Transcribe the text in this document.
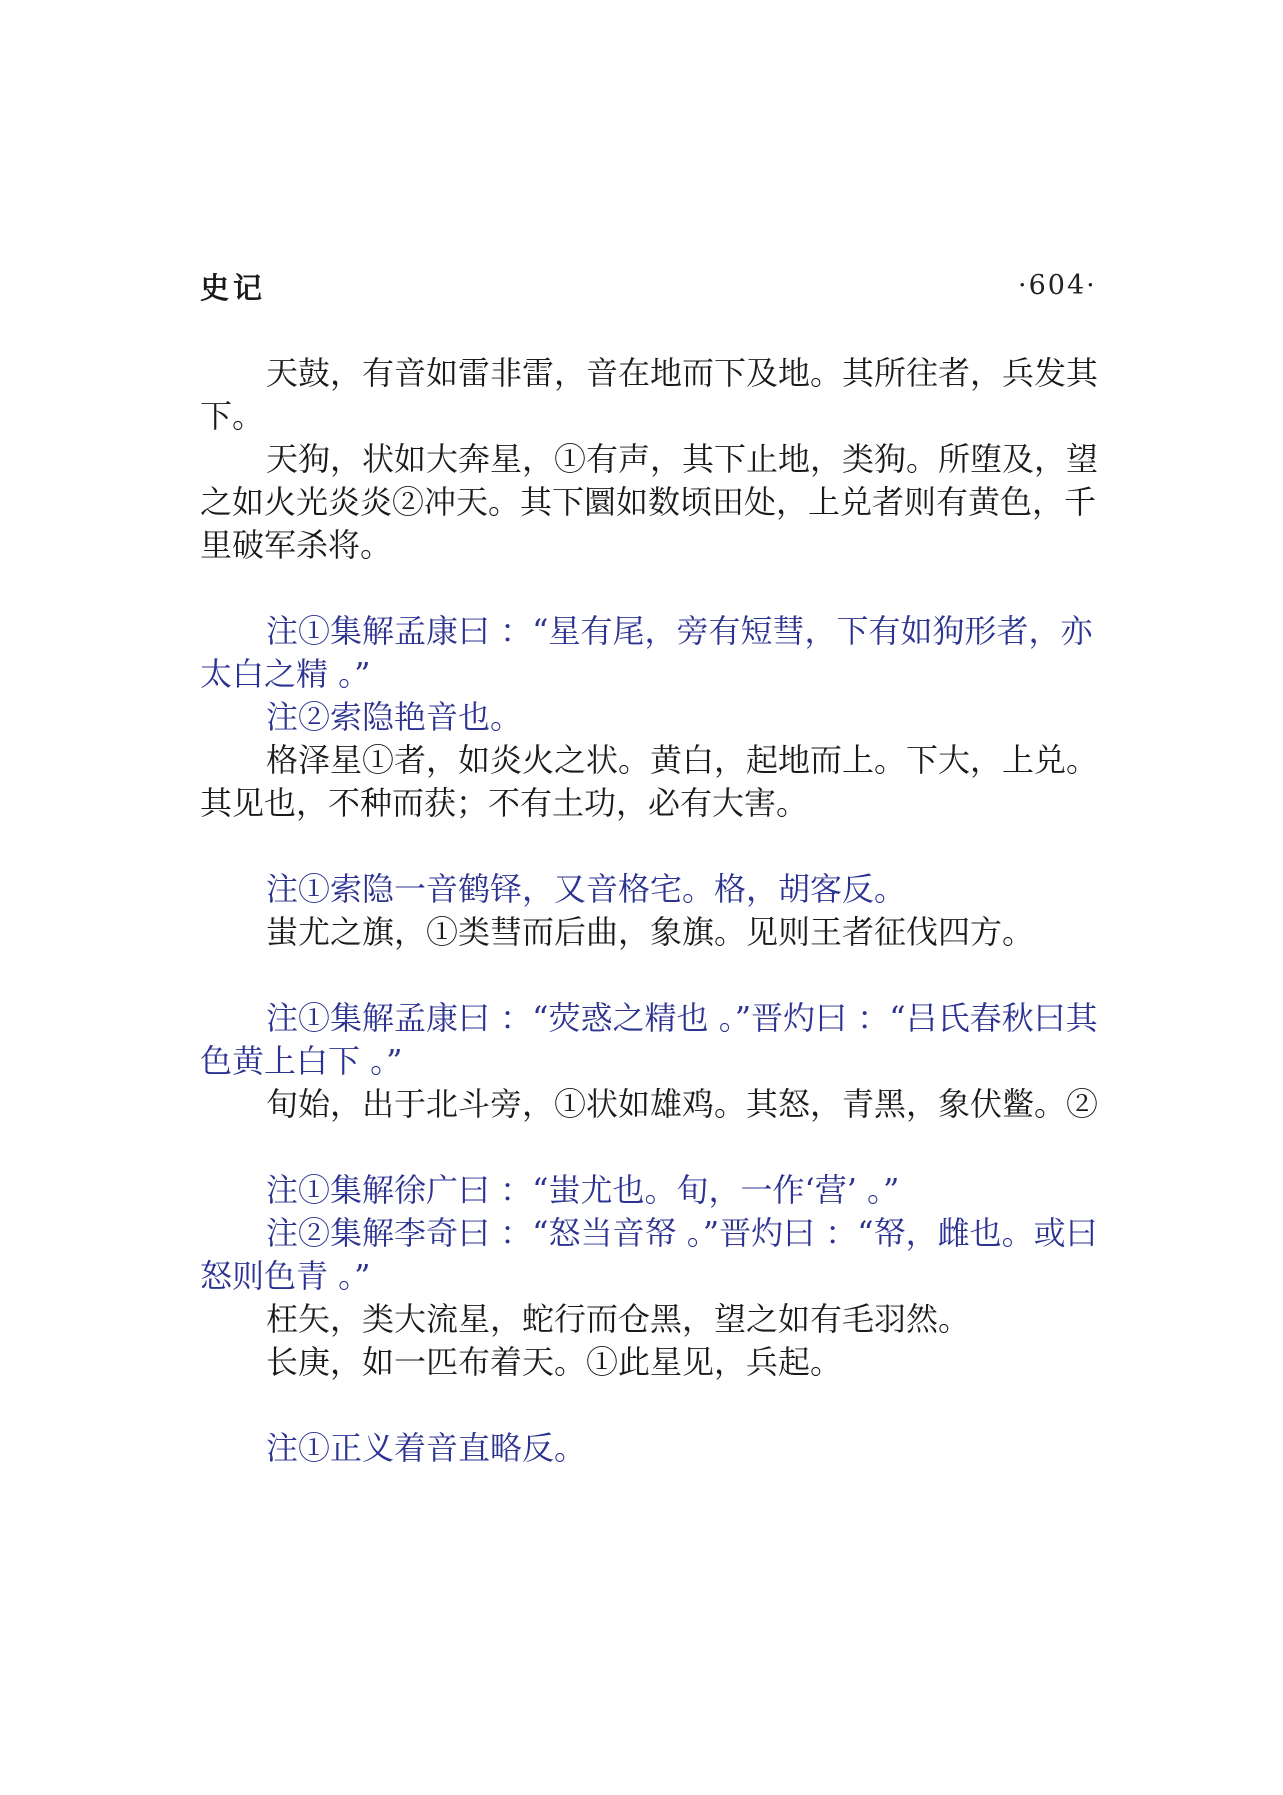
史记	·604·

天鼓，有音如雷非雷，音在地而下及地。其所往者，兵发其下。

天狗，状如大奔星，①有声，其下止地，类狗。所堕及，望之如火光炎炎②冲天。其下圜如数顷田处，上兑者则有黄色，千里破军杀将。

注①集解孟康曰 ：“星有尾，旁有短彗，下有如狗形者，亦太白之精 。”

注②索隐艳音也。

格泽星①者，如炎火之状。黄白，起地而上。下大，上兑。其见也，不种而获；不有土功，必有大害。

注①索隐一音鹤铎，又音格宅。格，胡客反。

蚩尤之旗，①类彗而后曲，象旗。见则王者征伐四方。

注①集解孟康曰 ：“荧惑之精也 。”晋灼曰 ：“吕氏春秋曰其色黄上白下 。”

旬始，出于北斗旁，①状如雄鸡。其怒，青黑，象伏鳖。②

注①集解徐广曰 ：“蚩尤也。旬，一作‘营’ 。”

注②集解李奇曰 ：“怒当音帑 。”晋灼曰 ：“帑，雌也。或曰怒则色青 。”

枉矢，类大流星，蛇行而仓黑，望之如有毛羽然。

长庚，如一匹布着天。①此星见，兵起。

注①正义着音直略反。
